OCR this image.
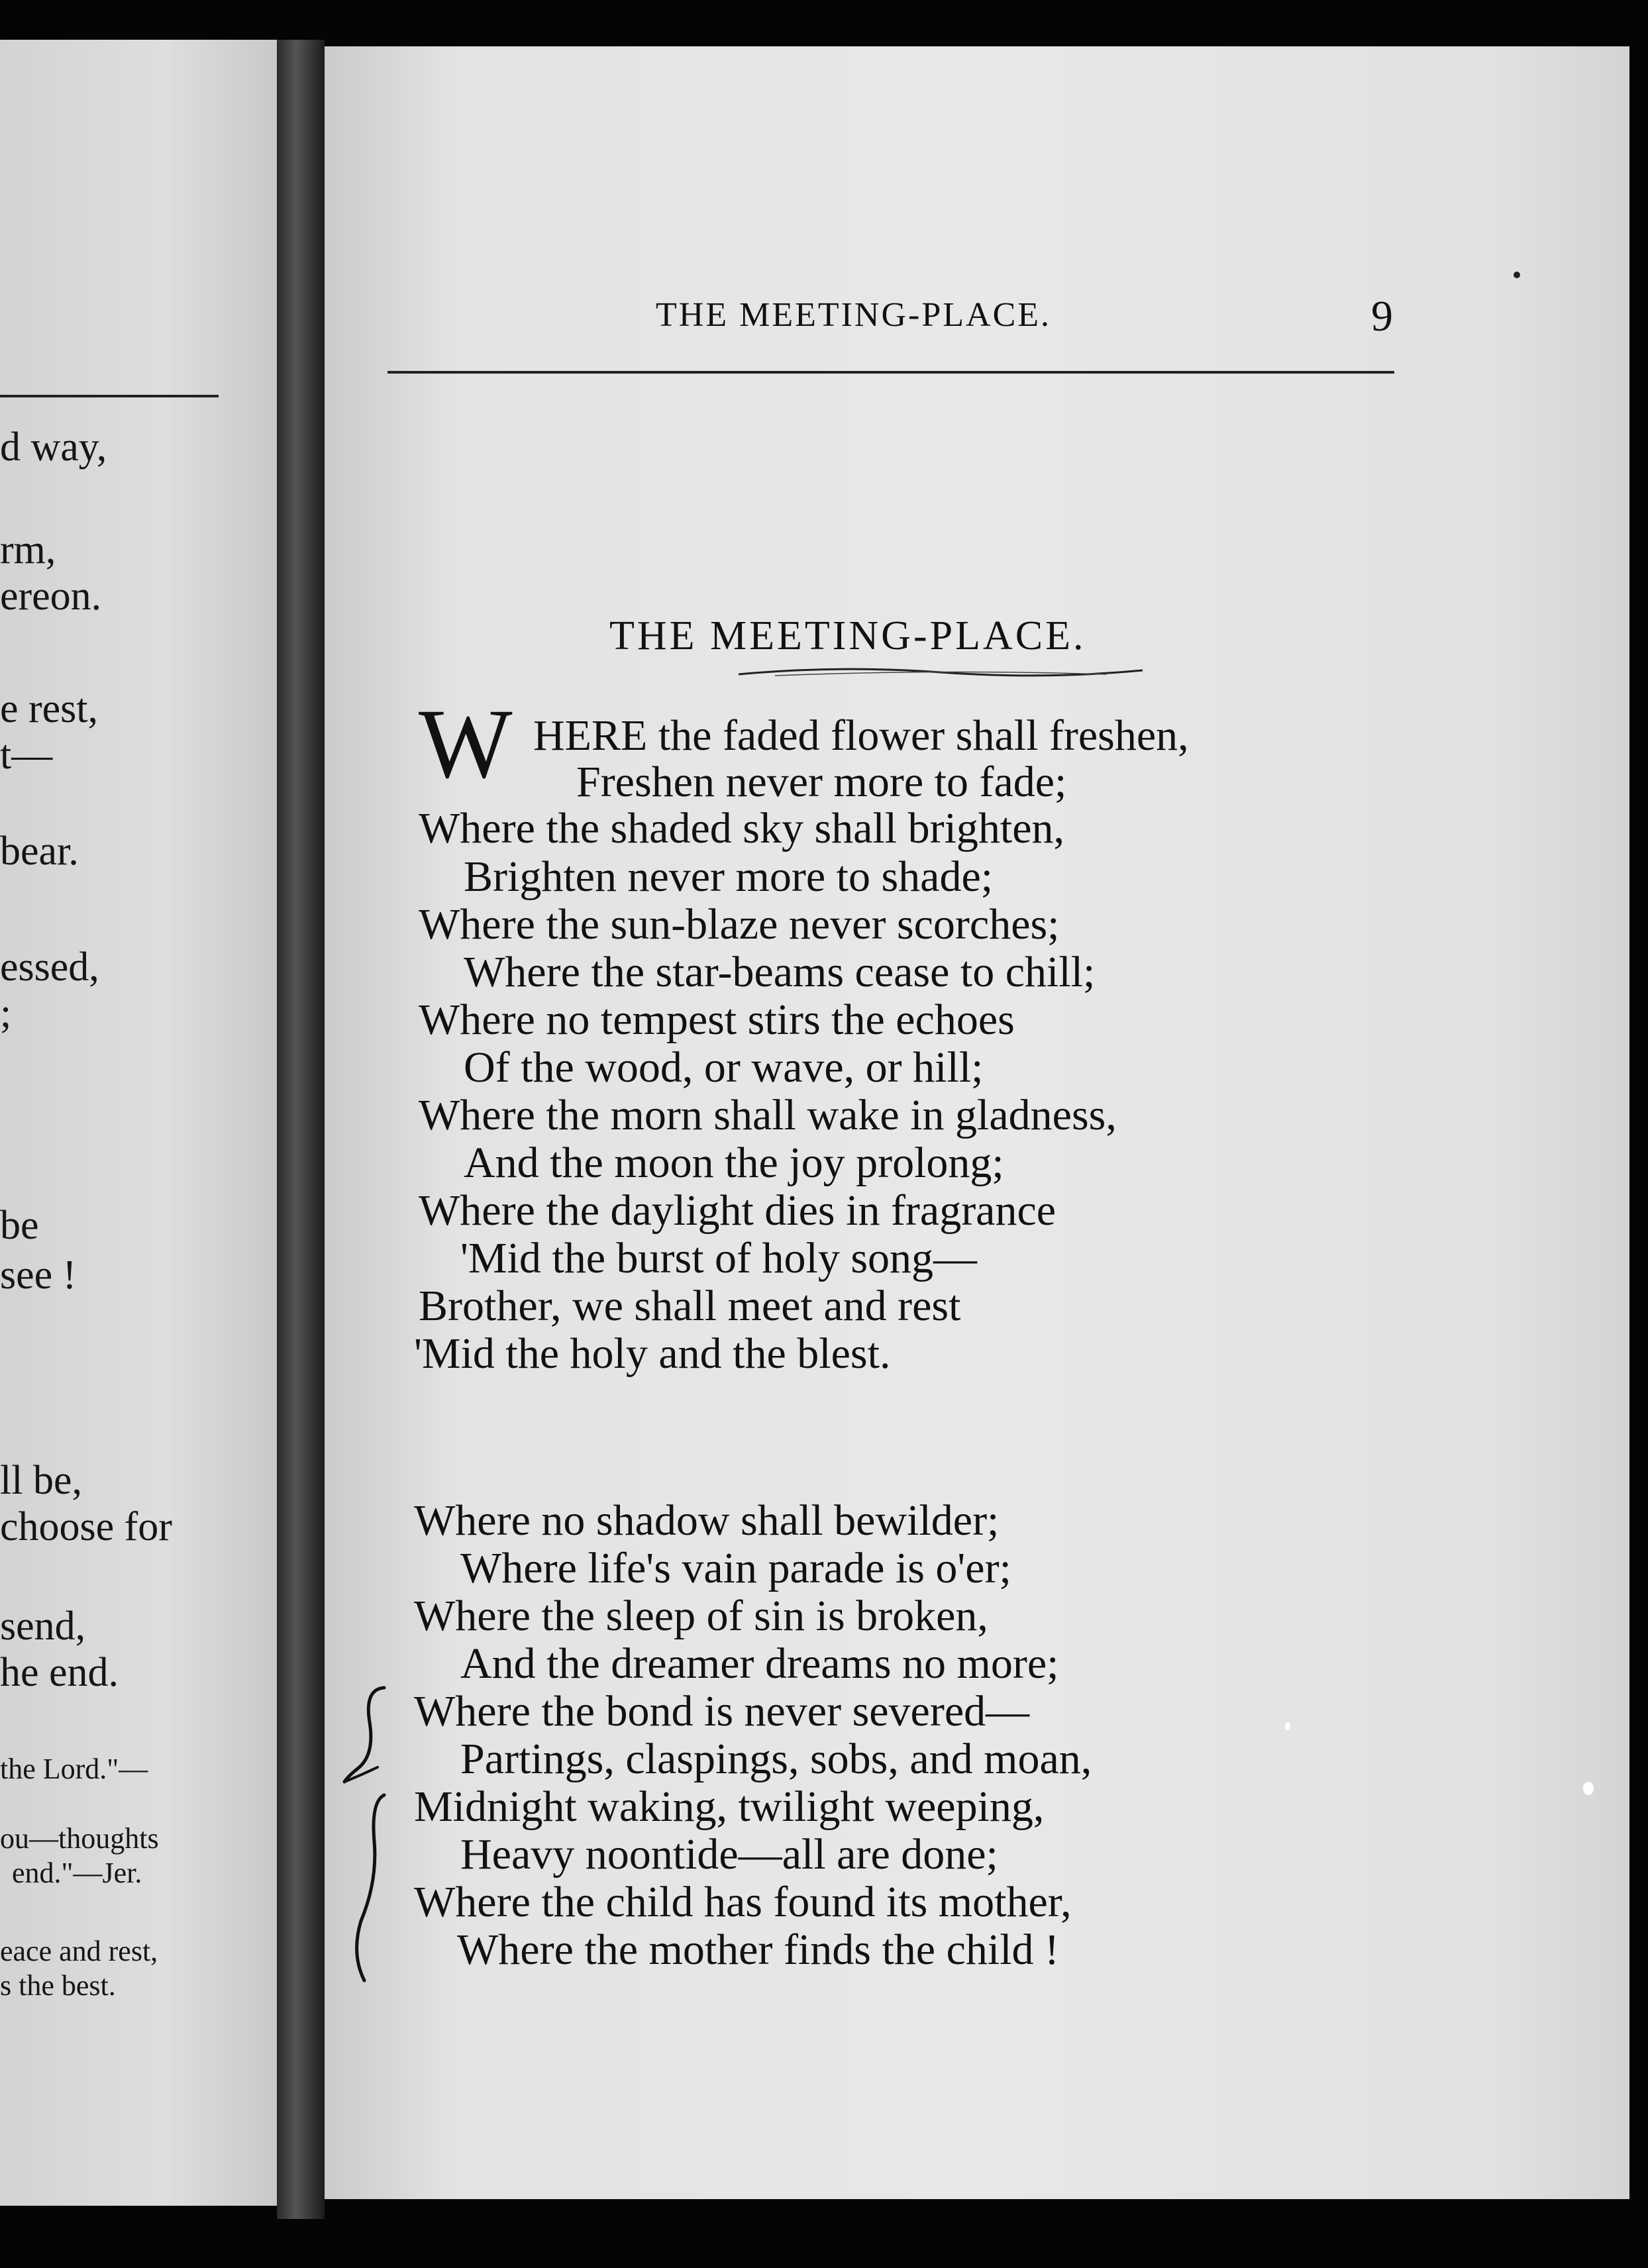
d way,
rm,
ereon.
e rest,
t—
bear.
essed,
;
be
see !
ll be,
choose for
send,
he end.
the Lord."—
ou—thoughts
end."—Jer.
eace and rest,
s the best.
THE MEETING-PLACE.	9
THE MEETING-PLACE.
W HERE the faded flower shall freshen,
Freshen never more to fade;
Where the shaded sky shall brighten,
Brighten never more to shade;
Where the sun-blaze never scorches;
Where the star-beams cease to chill;
Where no tempest stirs the echoes
Of the wood, or wave, or hill;
Where the morn shall wake in gladness,
And the moon the joy prolong;
Where the daylight dies in fragrance
'Mid the burst of holy song—
Brother, we shall meet and rest
'Mid the holy and the blest.
Where no shadow shall bewilder;
Where life's vain parade is o'er;
Where the sleep of sin is broken,
And the dreamer dreams no more;
Where the bond is never severed—
Partings, claspings, sobs, and moan,
Midnight waking, twilight weeping,
Heavy noontide—all are done;
Where the child has found its mother,
Where the mother finds the child !
